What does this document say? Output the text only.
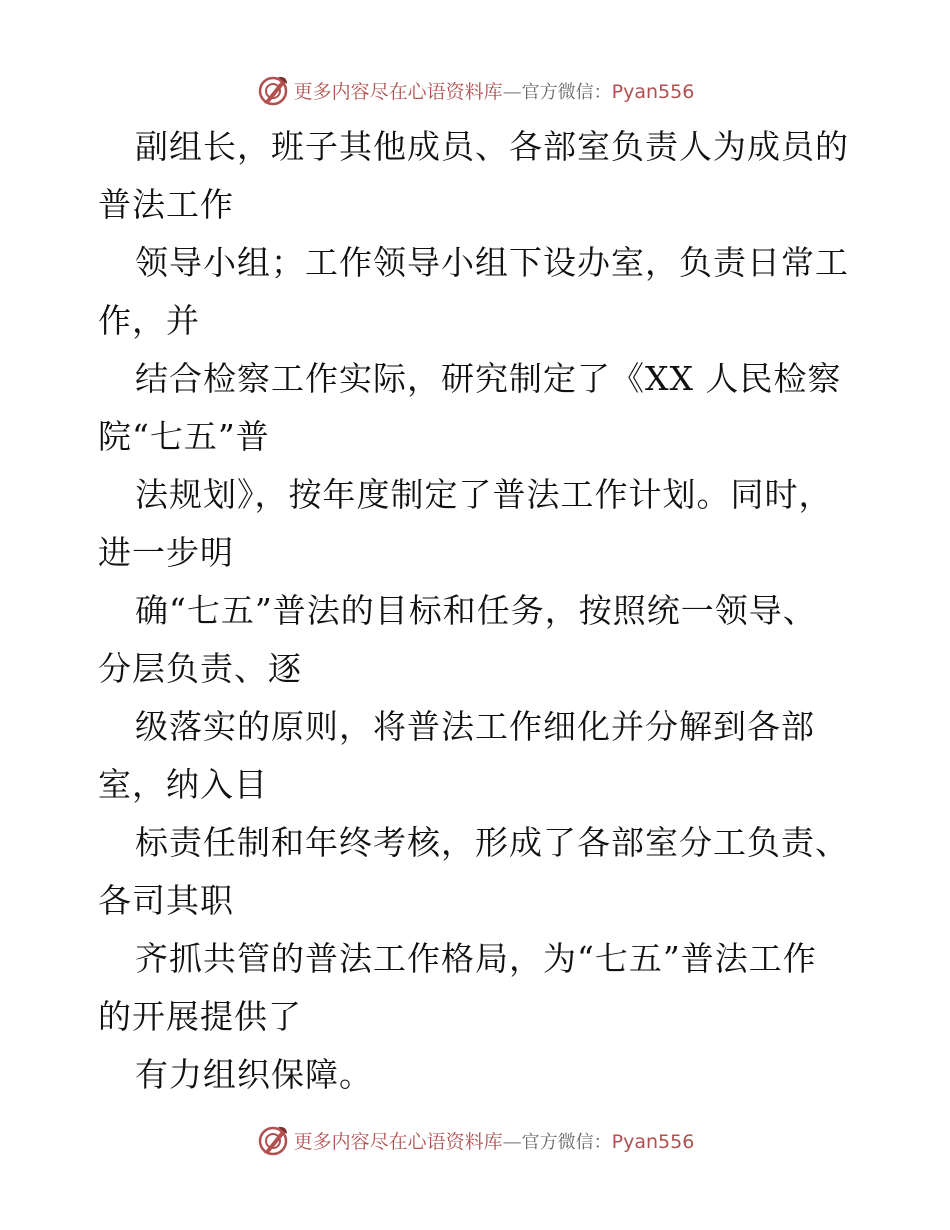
更多内容尽在心语资料库—官方微信：Pyan556
副组长，班子其他成员、各部室负责人为成员的
普法工作
领导小组；工作领导小组下设办室，负责日常工
作，并
结合检察工作实际，研究制定了《XX 人民检察
院“七五”普
法规划》，按年度制定了普法工作计划。同时，
进一步明
确“七五”普法的目标和任务，按照统一领导、
分层负责、逐
级落实的原则，将普法工作细化并分解到各部
室，纳入目
标责任制和年终考核，形成了各部室分工负责、
各司其职
齐抓共管的普法工作格局，为“七五”普法工作
的开展提供了
有力组织保障。
更多内容尽在心语资料库—官方微信：Pyan556
